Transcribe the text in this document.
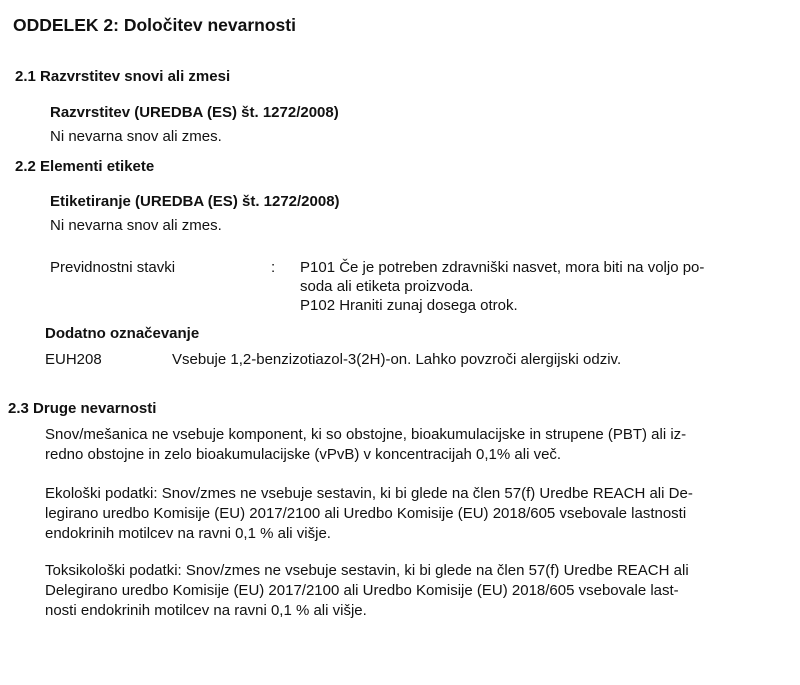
ODDELEK 2: Določitev nevarnosti
2.1 Razvrstitev snovi ali zmesi
Razvrstitev (UREDBA (ES) št. 1272/2008)
Ni nevarna snov ali zmes.
2.2 Elementi etikete
Etiketiranje (UREDBA (ES) št. 1272/2008)
Ni nevarna snov ali zmes.
Previdnostni stavki	: P101 Če je potreben zdravniški nasvet, mora biti na voljo po-
soda ali etiketa proizvoda.
P102 Hraniti zunaj dosega otrok.
Dodatno označevanje
EUH208	Vsebuje 1,2-benzizotiazol-3(2H)-on. Lahko povzroči alergijski odziv.
2.3 Druge nevarnosti
Snov/mešanica ne vsebuje komponent, ki so obstojne, bioakumulacijske in strupene (PBT) ali iz-
redno obstojne in zelo bioakumulacijske (vPvB) v koncentracijah 0,1% ali več.
Ekološki podatki: Snov/zmes ne vsebuje sestavin, ki bi glede na člen 57(f) Uredbe REACH ali De-
legirano uredbo Komisije (EU) 2017/2100 ali Uredbo Komisije (EU) 2018/605 vsebovale lastnosti
endokrinih motilcev na ravni 0,1 % ali višje.
Toksikološki podatki: Snov/zmes ne vsebuje sestavin, ki bi glede na člen 57(f) Uredbe REACH ali
Delegirano uredbo Komisije (EU) 2017/2100 ali Uredbo Komisije (EU) 2018/605 vsebovale last-
nosti endokrinih motilcev na ravni 0,1 % ali višje.
